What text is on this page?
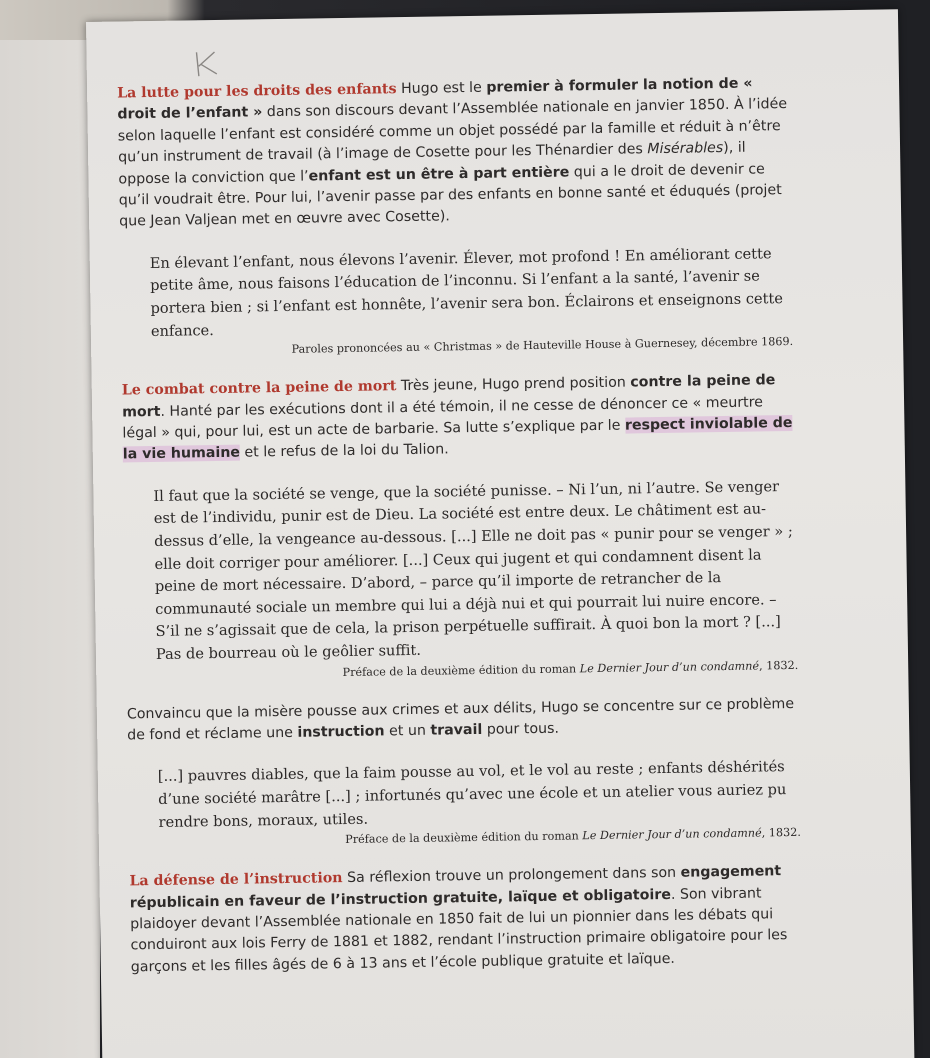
La lutte pour les droits des enfants Hugo est le premier à formuler la notion de « droit de l’enfant » dans son discours devant l’Assemblée nationale en janvier 1850. À l’idée selon laquelle l’enfant est considéré comme un objet possédé par la famille et réduit à n’être qu’un instrument de travail (à l’image de Cosette pour les Thénardier des Misérables), il oppose la conviction que l’enfant est un être à part entière qui a le droit de devenir ce qu’il voudrait être. Pour lui, l’avenir passe par des enfants en bonne santé et éduqués (projet que Jean Valjean met en œuvre avec Cosette).

En élevant l’enfant, nous élevons l’avenir. Élever, mot profond ! En améliorant cette petite âme, nous faisons l’éducation de l’inconnu. Si l’enfant a la santé, l’avenir se portera bien ; si l’enfant est honnête, l’avenir sera bon. Éclairons et enseignons cette enfance.

Paroles prononcées au « Christmas » de Hauteville House à Guernesey, décembre 1869.

Le combat contre la peine de mort Très jeune, Hugo prend position contre la peine de mort. Hanté par les exécutions dont il a été témoin, il ne cesse de dénoncer ce « meurtre légal » qui, pour lui, est un acte de barbarie. Sa lutte s’explique par le respect inviolable de la vie humaine et le refus de la loi du Talion.

Il faut que la société se venge, que la société punisse. – Ni l’un, ni l’autre. Se venger est de l’individu, punir est de Dieu. La société est entre deux. Le châtiment est au-dessus d’elle, la vengeance au-dessous. [...] Elle ne doit pas « punir pour se venger » ; elle doit corriger pour améliorer. [...] Ceux qui jugent et qui condamnent disent la peine de mort nécessaire. D’abord, – parce qu’il importe de retrancher de la communauté sociale un membre qui lui a déjà nui et qui pourrait lui nuire encore. – S’il ne s’agissait que de cela, la prison perpétuelle suffirait. À quoi bon la mort ? [...] Pas de bourreau où le geôlier suffit.

Préface de la deuxième édition du roman Le Dernier Jour d’un condamné, 1832.

Convaincu que la misère pousse aux crimes et aux délits, Hugo se concentre sur ce problème de fond et réclame une instruction et un travail pour tous.

[...] pauvres diables, que la faim pousse au vol, et le vol au reste ; enfants déshérités d’une société marâtre [...] ; infortunés qu’avec une école et un atelier vous auriez pu rendre bons, moraux, utiles.

Préface de la deuxième édition du roman Le Dernier Jour d’un condamné, 1832.

La défense de l’instruction Sa réflexion trouve un prolongement dans son engagement républicain en faveur de l’instruction gratuite, laïque et obligatoire. Son vibrant plaidoyer devant l’Assemblée nationale en 1850 fait de lui un pionnier dans les débats qui conduiront aux lois Ferry de 1881 et 1882, rendant l’instruction primaire obligatoire pour les garçons et les filles âgés de 6 à 13 ans et l’école publique gratuite et laïque.
